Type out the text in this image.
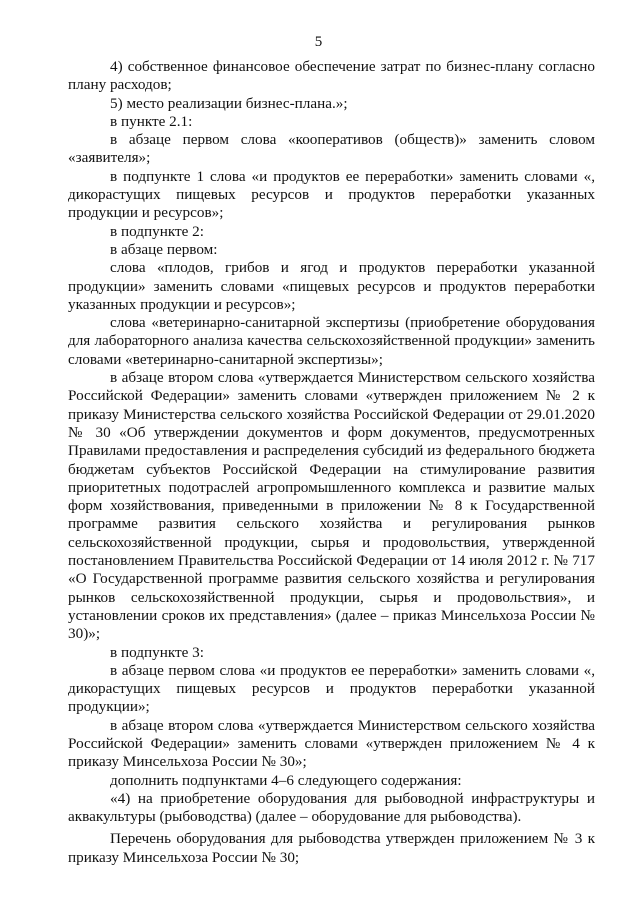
5

4) собственное финансовое обеспечение затрат по бизнес-плану согласно плану расходов;

5) место реализации бизнес-плана.»;

в пункте 2.1:

в абзаце первом слова «кооперативов (обществ)» заменить словом «заявителя»;

в подпункте 1 слова «и продуктов ее переработки» заменить словами «, дикорастущих пищевых ресурсов и продуктов переработки указанных продукции и ресурсов»;

в подпункте 2:

в абзаце первом:

слова «плодов, грибов и ягод и продуктов переработки указанной продукции» заменить словами «пищевых ресурсов и продуктов переработки указанных продукции и ресурсов»;

слова «ветеринарно-санитарной экспертизы (приобретение оборудования для лабораторного анализа качества сельскохозяйственной продукции» заменить словами «ветеринарно-санитарной экспертизы»;

в абзаце втором слова «утверждается Министерством сельского хозяйства Российской Федерации» заменить словами «утвержден приложением № 2 к приказу Министерства сельского хозяйства Российской Федерации от 29.01.2020 № 30 «Об утверждении документов и форм документов, предусмотренных Правилами предоставления и распределения субсидий из федерального бюджета бюджетам субъектов Российской Федерации на стимулирование развития приоритетных подотраслей агропромышленного комплекса и развитие малых форм хозяйствования, приведенными в приложении № 8 к Государственной программе развития сельского хозяйства и регулирования рынков сельскохозяйственной продукции, сырья и продовольствия, утвержденной постановлением Правительства Российской Федерации от 14 июля 2012 г. № 717 «О Государственной программе развития сельского хозяйства и регулирования рынков сельскохозяйственной продукции, сырья и продовольствия», и установлении сроков их представления» (далее – приказ Минсельхоза России № 30)»;

в подпункте 3:

в абзаце первом слова «и продуктов ее переработки» заменить словами «, дикорастущих пищевых ресурсов и продуктов переработки указанной продукции»;

в абзаце втором слова «утверждается Министерством сельского хозяйства Российской Федерации» заменить словами «утвержден приложением № 4 к приказу Минсельхоза России № 30»;

дополнить подпунктами 4–6 следующего содержания:

«4) на приобретение оборудования для рыбоводной инфраструктуры и аквакультуры (рыбоводства) (далее – оборудование для рыбоводства).

Перечень оборудования для рыбоводства утвержден приложением № 3 к приказу Минсельхоза России № 30;
